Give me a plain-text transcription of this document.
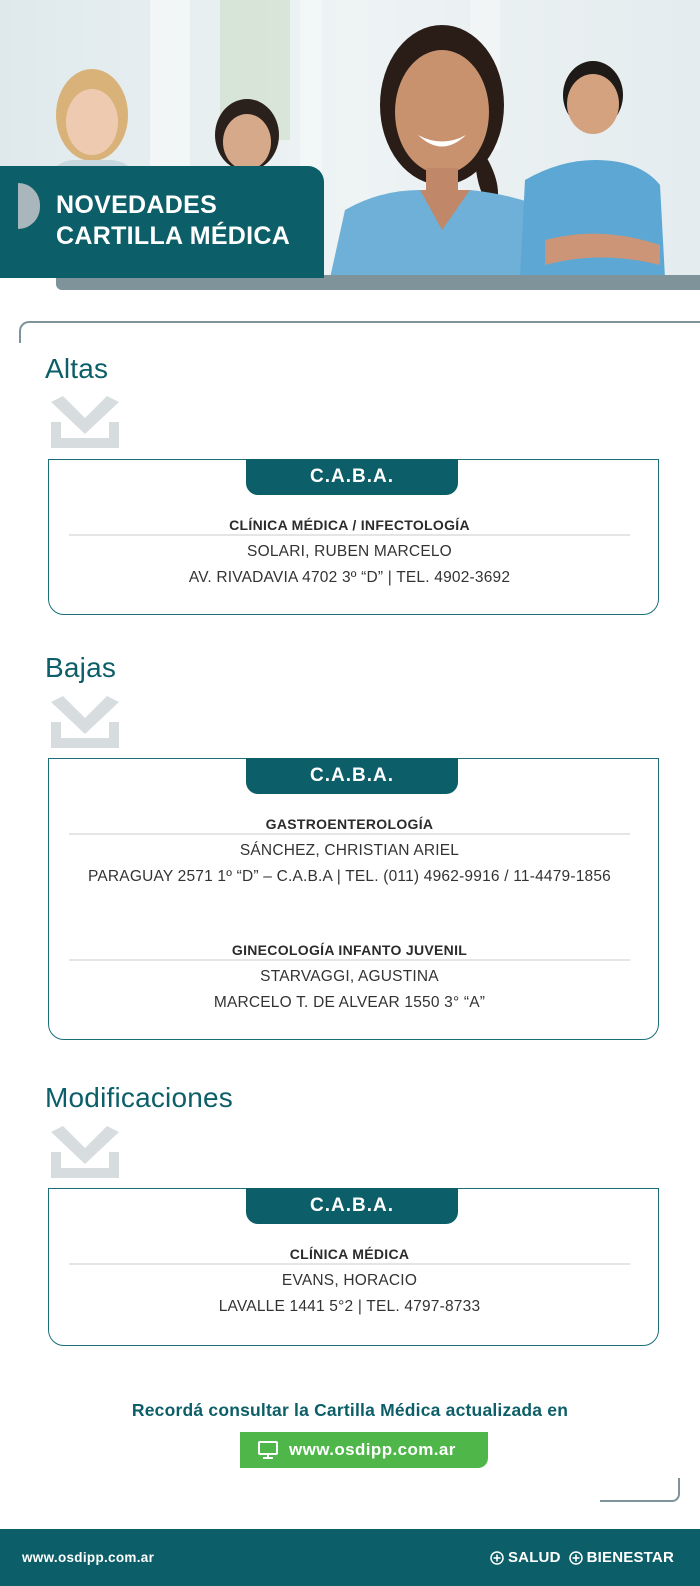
NOVEDADES
CARTILLA MÉDICA
Altas
C.A.B.A.
CLÍNICA MÉDICA / INFECTOLOGÍA
SOLARI, RUBEN MARCELO
AV. RIVADAVIA 4702 3º “D” | TEL. 4902-3692
Bajas
C.A.B.A.
GASTROENTEROLOGÍA
SÁNCHEZ, CHRISTIAN ARIEL
PARAGUAY 2571 1º “D” – C.A.B.A | TEL. (011) 4962-9916 / 11-4479-1856
GINECOLOGÍA INFANTO JUVENIL
STARVAGGI, AGUSTINA
MARCELO T. DE ALVEAR 1550 3° “A”
Modificaciones
C.A.B.A.
CLÍNICA MÉDICA
EVANS, HORACIO
LAVALLE 1441 5°2 | TEL. 4797-8733
Recordá consultar la Cartilla Médica actualizada en
www.osdipp.com.ar
www.osdipp.com.ar	SALUD BIENESTAR
